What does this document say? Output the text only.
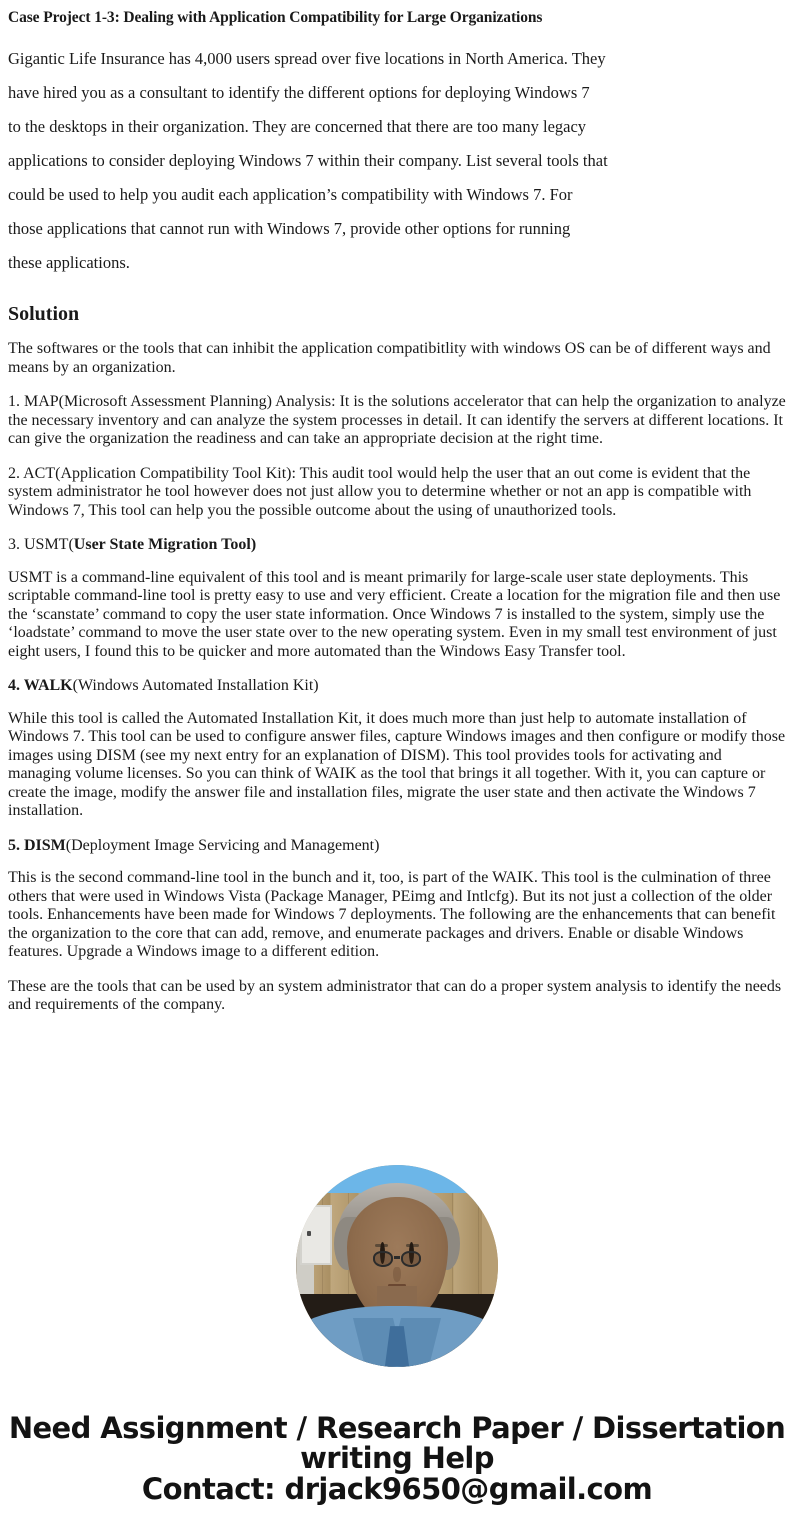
Case Project 1-3: Dealing with Application Compatibility for Large Organizations
Gigantic Life Insurance has 4,000 users spread over five locations in North America. They
have hired you as a consultant to identify the different options for deploying Windows 7
to the desktops in their organization. They are concerned that there are too many legacy
applications to consider deploying Windows 7 within their company. List several tools that
could be used to help you audit each application’s compatibility with Windows 7. For
those applications that cannot run with Windows 7, provide other options for running
these applications.
Solution

The softwares or the tools that can inhibit the application compatibitlity with windows OS can be of different ways and means by an organization.

1. MAP(Microsoft Assessment Planning) Analysis: It is the solutions accelerator that can help the organization to analyze the necessary inventory and can analyze the system processes in detail. It can identify the servers at different locations. It can give the organization the readiness and can take an appropriate decision at the right time.

2. ACT(Application Compatibility Tool Kit): This audit tool would help the user that an out come is evident that the system administrator he tool however does not just allow you to determine whether or not an app is compatible with Windows 7, This tool can help you the possible outcome about the using of unauthorized tools.

3. USMT(User State Migration Tool)

USMT is a command-line equivalent of this tool and is meant primarily for large-scale user state deployments. This scriptable command-line tool is pretty easy to use and very efficient. Create a location for the migration file and then use the ‘scanstate’ command to copy the user state information. Once Windows 7 is installed to the system, simply use the ‘loadstate’ command to move the user state over to the new operating system. Even in my small test environment of just eight users, I found this to be quicker and more automated than the Windows Easy Transfer tool.

4. WALK(Windows Automated Installation Kit)

While this tool is called the Automated Installation Kit, it does much more than just help to automate installation of Windows 7. This tool can be used to configure answer files, capture Windows images and then configure or modify those images using DISM (see my next entry for an explanation of DISM). This tool provides tools for activating and managing volume licenses. So you can think of WAIK as the tool that brings it all together. With it, you can capture or create the image, modify the answer file and installation files, migrate the user state and then activate the Windows 7 installation.

5. DISM(Deployment Image Servicing and Management)

This is the second command-line tool in the bunch and it, too, is part of the WAIK. This tool is the culmination of three others that were used in Windows Vista (Package Manager, PEimg and Intlcfg). But its not just a collection of the older tools. Enhancements have been made for Windows 7 deployments. The following are the enhancements that can benefit the organization to the core that can add, remove, and enumerate packages and drivers. Enable or disable Windows features. Upgrade a Windows image to a different edition.

These are the tools that can be used by an system administrator that can do a proper system analysis to identify the needs and requirements of the company.

Need Assignment / Research Paper / Dissertation
writing Help
Contact: drjack9650@gmail.com
